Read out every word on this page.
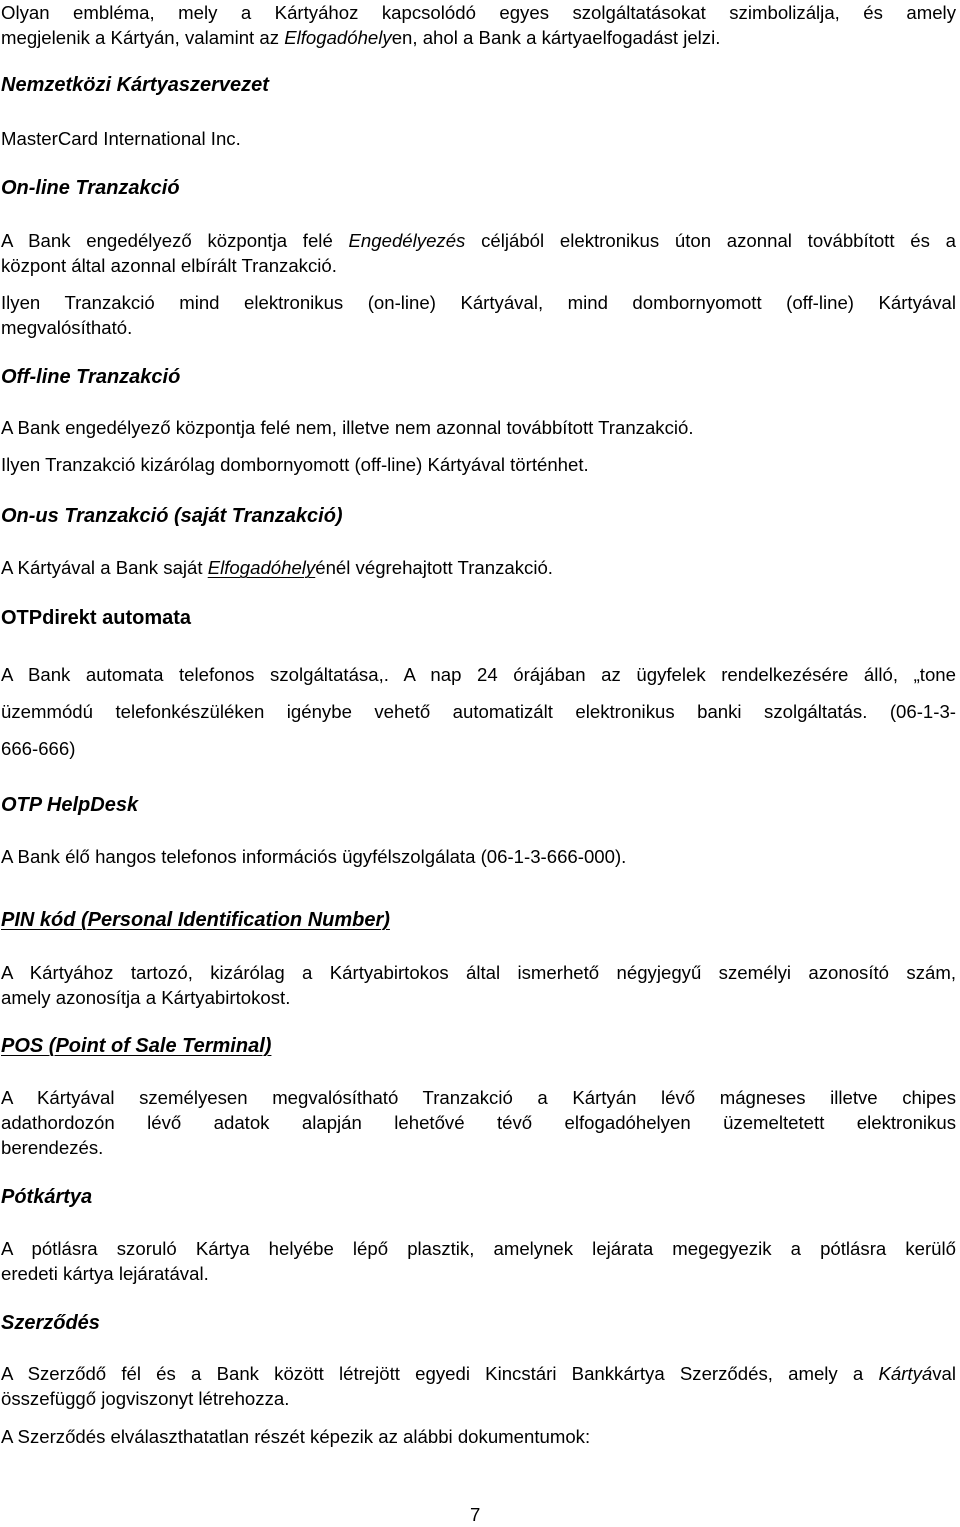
Olyan embléma, mely a Kártyához kapcsolódó egyes szolgáltatásokat szimbolizálja, és amely
megjelenik a Kártyán, valamint az Elfogadóhelyen, ahol a Bank a kártyaelfogadást jelzi.

Nemzetközi Kártyaszervezet

MasterCard International Inc.

On-line Tranzakció

A Bank engedélyező központja felé Engedélyezés céljából elektronikus úton azonnal továbbított és a
központ által azonnal elbírált Tranzakció.

Ilyen Tranzakció mind elektronikus (on-line) Kártyával, mind dombornyomott (off-line) Kártyával
megvalósítható.

Off-line Tranzakció

A Bank engedélyező központja felé nem, illetve nem azonnal továbbított Tranzakció.

Ilyen Tranzakció kizárólag dombornyomott (off-line) Kártyával történhet.

On-us Tranzakció (saját Tranzakció)

A Kártyával a Bank saját Elfogadóhelyénél végrehajtott Tranzakció.

OTPdirekt automata

A Bank automata telefonos szolgáltatása,. A nap 24 órájában az ügyfelek rendelkezésére álló, „tone
üzemmódú telefonkészüléken igénybe vehető automatizált elektronikus banki szolgáltatás. (06-1-3-
666-666)

OTP HelpDesk

A Bank élő hangos telefonos információs ügyfélszolgálata (06-1-3-666-000).

PIN kód (Personal Identification Number)

A Kártyához tartozó, kizárólag a Kártyabirtokos által ismerhető négyjegyű személyi azonosító szám,
amely azonosítja a Kártyabirtokost.

POS (Point of Sale Terminal)

A Kártyával személyesen megvalósítható Tranzakció a Kártyán lévő mágneses illetve chipes
adathordozón lévő adatok alapján lehetővé tévő elfogadóhelyen üzemeltetett elektronikus
berendezés.

Pótkártya

A pótlásra szoruló Kártya helyébe lépő plasztik, amelynek lejárata megegyezik a pótlásra kerülő
eredeti kártya lejáratával.

Szerződés

A Szerződő fél és a Bank között létrejött egyedi Kincstári Bankkártya Szerződés, amely a Kártyával
összefüggő jogviszonyt létrehozza.

A Szerződés elválaszthatatlan részét képezik az alábbi dokumentumok:

7
